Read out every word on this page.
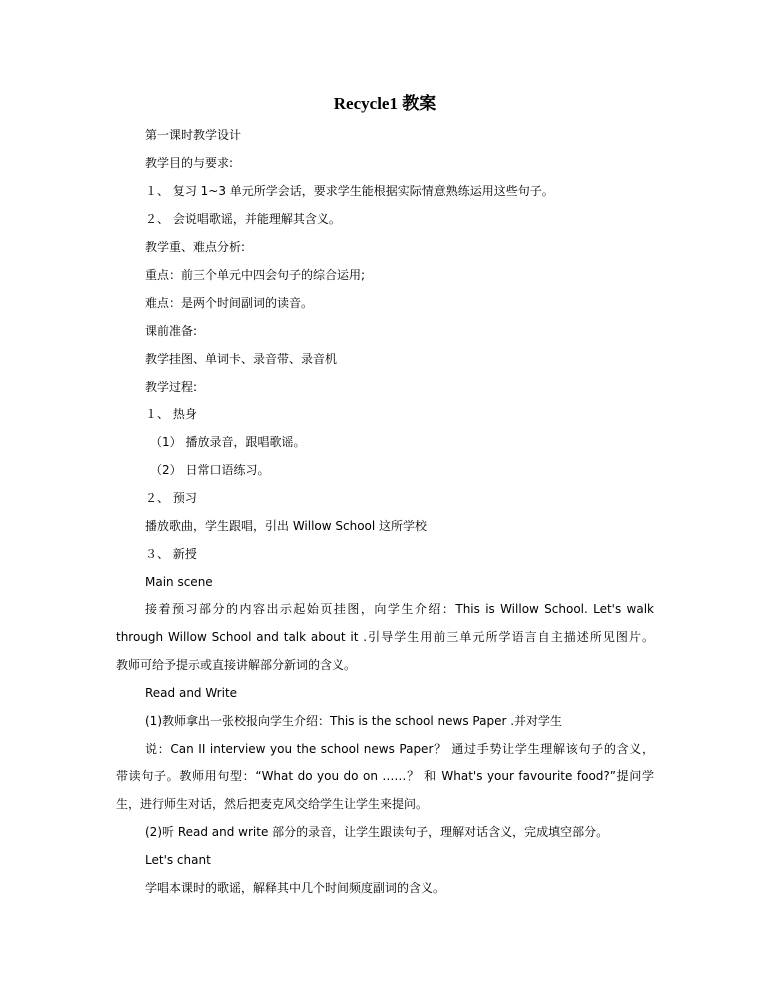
Recycle1 教案
第一课时教学设计
教学目的与要求:
１、 复习 1~3 单元所学会话，要求学生能根据实际情意熟练运用这些句子。
２、 会说唱歌谣，并能理解其含义。
教学重、难点分析:
重点：前三个单元中四会句子的综合运用;
难点：是两个时间副词的读音。
课前准备:
教学挂图、单词卡、录音带、录音机
教学过程:
１、 热身
（1） 播放录音，跟唱歌谣。
（2） 日常口语练习。
２、 预习
播放歌曲，学生跟唱，引出 Willow School 这所学校
３、 新授
Main scene
接着预习部分的内容出示起始页挂图，向学生介绍：This is Willow School. Let's walk
through Willow School and talk about it .引导学生用前三单元所学语言自主描述所见图片。
教师可给予提示或直接讲解部分新词的含义。
Read and Write
(1)教师拿出一张校报向学生介绍：This is the school news Paper .并对学生
说：Can II interview you the school news Paper？ 通过手势让学生理解该句子的含义，
带读句子。教师用句型：“What do you do on ……？ 和 What's your favourite food?”提问学
生，进行师生对话，然后把麦克风交给学生让学生来提问。
(2)听 Read and write 部分的录音，让学生跟读句子，理解对话含义，完成填空部分。
Let's chant
学唱本课时的歌谣，解释其中几个时间频度副词的含义。
